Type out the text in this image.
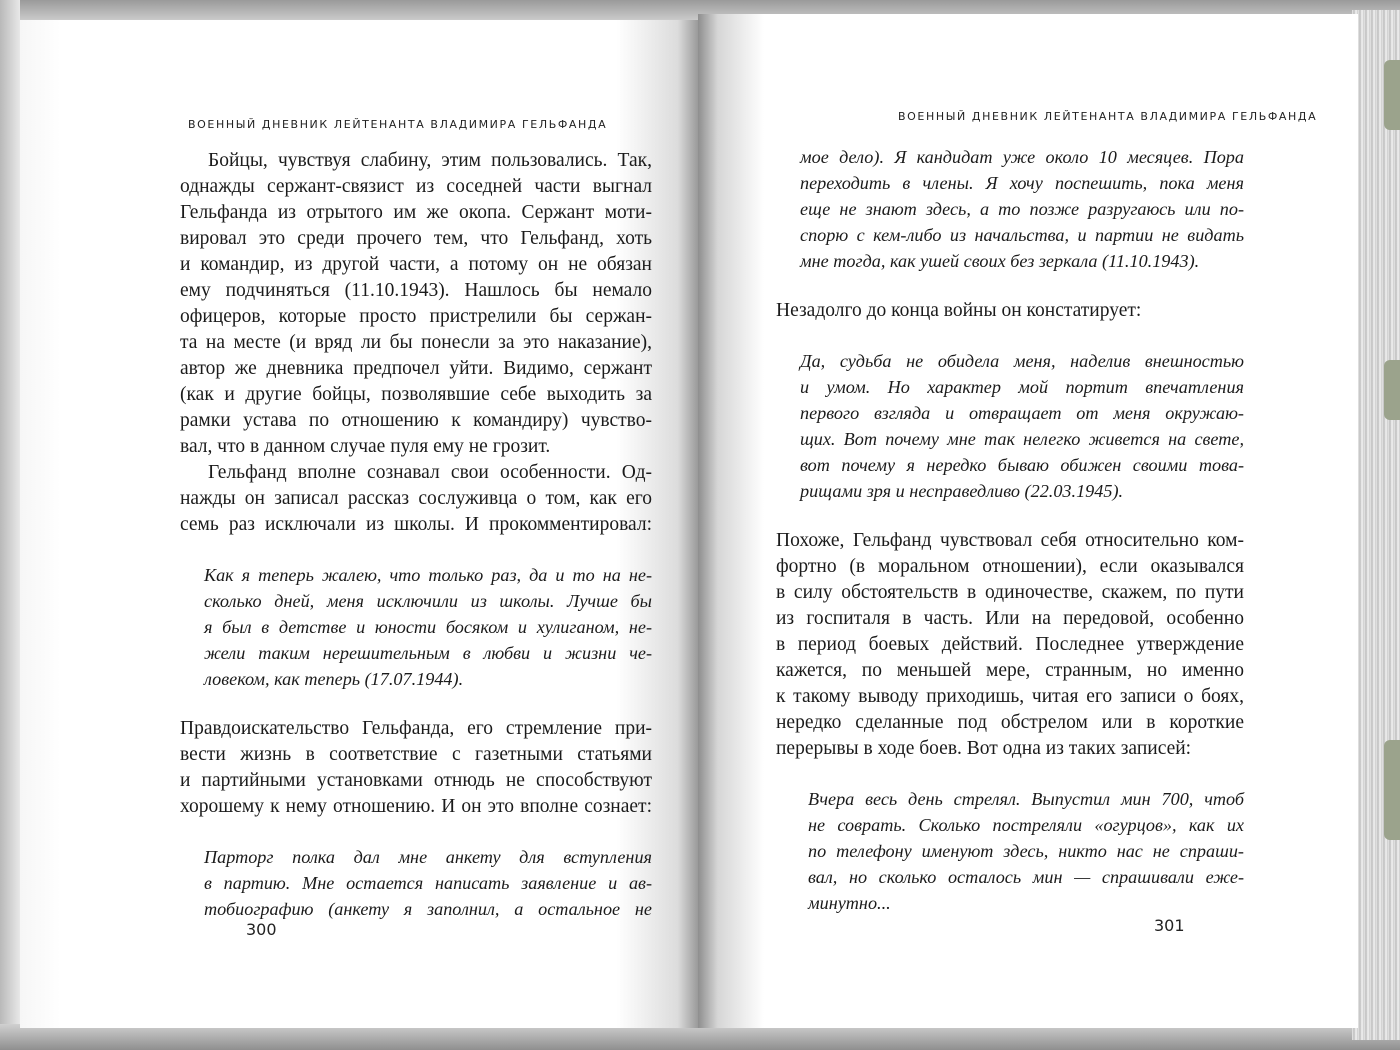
ВОЕННЫЙ ДНЕВНИК ЛЕЙТЕНАНТА ВЛАДИМИРА ГЕЛЬФАНДА
Бойцы, чувствуя слабину, этим пользовались. Так,
однажды сержант-связист из соседней части выгнал
Гельфанда из отрытого им же окопа. Сержант моти-
вировал это среди прочего тем, что Гельфанд, хоть
и командир, из другой части, а потому он не обязан
ему подчиняться (11.10.1943). Нашлось бы немало
офицеров, которые просто пристрелили бы сержан-
та на месте (и вряд ли бы понесли за это наказание),
автор же дневника предпочел уйти. Видимо, сержант
(как и другие бойцы, позволявшие себе выходить за
рамки устава по отношению к командиру) чувство-
вал, что в данном случае пуля ему не грозит.
Гельфанд вполне сознавал свои особенности. Од-
нажды он записал рассказ сослуживца о том, как его
семь раз исключали из школы. И прокомментировал:
Как я теперь жалею, что только раз, да и то на не-
сколько дней, меня исключили из школы. Лучше бы
я был в детстве и юности босяком и хулиганом, не-
жели таким нерешительным в любви и жизни че-
ловеком, как теперь (17.07.1944).
Правдоискательство Гельфанда, его стремление при-
вести жизнь в соответствие с газетными статьями
и партийными установками отнюдь не способствуют
хорошему к нему отношению. И он это вполне сознает:
Парторг полка дал мне анкету для вступления
в партию. Мне остается написать заявление и ав-
тобиографию (анкету я заполнил, а остальное не
300
ВОЕННЫЙ ДНЕВНИК ЛЕЙТЕНАНТА ВЛАДИМИРА ГЕЛЬФАНДА
мое дело). Я кандидат уже около 10 месяцев. Пора
переходить в члены. Я хочу поспешить, пока меня
еще не знают здесь, а то позже разругаюсь или по-
спорю с кем-либо из начальства, и партии не видать
мне тогда, как ушей своих без зеркала (11.10.1943).
Незадолго до конца войны он констатирует:
Да, судьба не обидела меня, наделив внешностью
и умом. Но характер мой портит впечатления
первого взгляда и отвращает от меня окружаю-
щих. Вот почему мне так нелегко живется на свете,
вот почему я нередко бываю обижен своими това-
рищами зря и несправедливо (22.03.1945).
Похоже, Гельфанд чувствовал себя относительно ком-
фортно (в моральном отношении), если оказывался
в силу обстоятельств в одиночестве, скажем, по пути
из госпиталя в часть. Или на передовой, особенно
в период боевых действий. Последнее утверждение
кажется, по меньшей мере, странным, но именно
к такому выводу приходишь, читая его записи о боях,
нередко сделанные под обстрелом или в короткие
перерывы в ходе боев. Вот одна из таких записей:
Вчера весь день стрелял. Выпустил мин 700, чтоб
не соврать. Сколько постреляли «огурцов», как их
по телефону именуют здесь, никто нас не спраши-
вал, но сколько осталось мин — спрашивали еже-
минутно...
301
